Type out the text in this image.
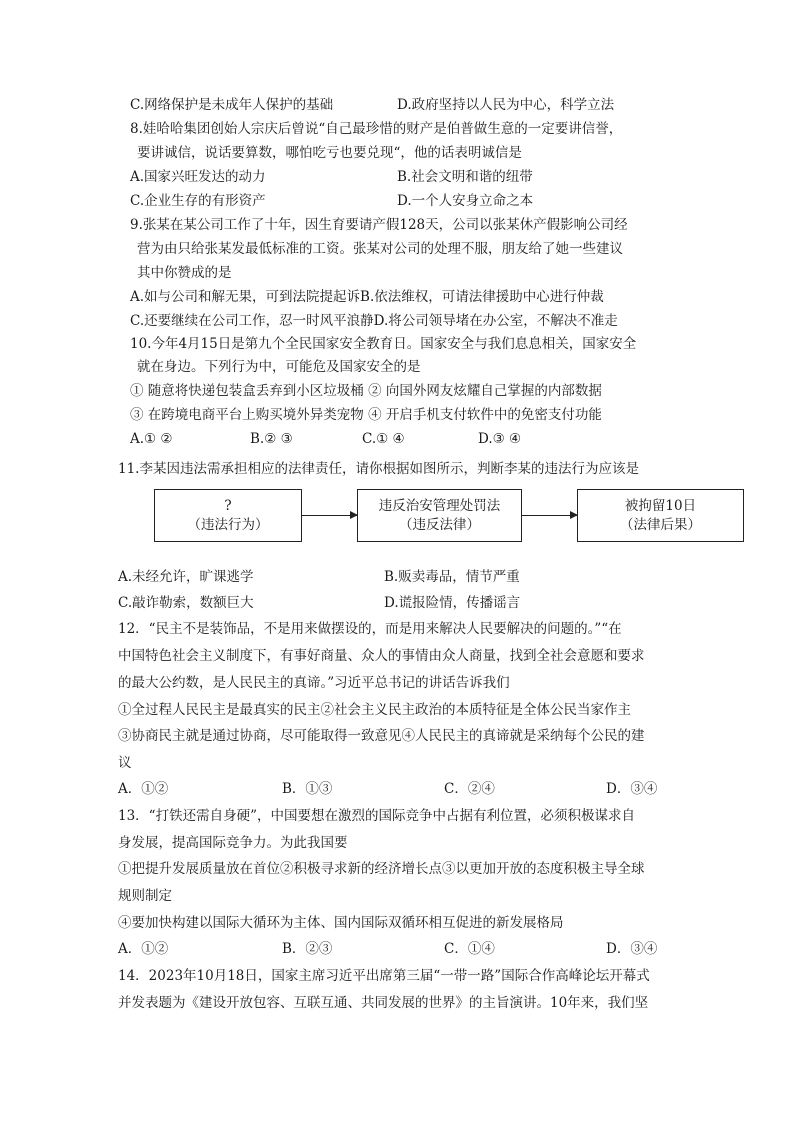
C.网络保护是未成年人保护的基础	D.政府坚持以人民为中心，科学立法
8.娃哈哈集团创始人宗庆后曾说“自己最珍惜的财产是伯普做生意的一定要讲信誉，
要讲诚信，说话要算数，哪怕吃亏也要兑现“，他的话表明诚信是
A.国家兴旺发达的动力	B.社会文明和谐的纽带
C.企业生存的有形资产	D.一个人安身立命之本
9.张某在某公司工作了十年，因生育要请产假128天，公司以张某休产假影响公司经
营为由只给张某发最低标准的工资。张某对公司的处理不服，朋友给了她一些建议
其中你赞成的是
A.如与公司和解无果，可到法院提起诉B.依法维权，可请法律援助中心进行仲裁
C.还要继续在公司工作，忍一时风平浪静D.将公司领导堵在办公室，不解决不准走
10.今年4月15日是第九个全民国家安全教育日。国家安全与我们息息相关，国家安全
就在身边。下列行为中，可能危及国家安全的是
① 随意将快递包装盒丢弃到小区垃圾桶 ② 向国外网友炫耀自己掌握的内部数据
③ 在跨境电商平台上购买境外异类宠物 ④ 开启手机支付软件中的免密支付功能
A.① ②	B.② ③	C.① ④	D.③ ④
11.李某因违法需承担相应的法律责任，请你根据如图所示，判断李某的违法行为应该是
?
（违法行为）
违反治安管理处罚法
（违反法律）
被拘留10日
（法律后果）
A.未经允许，旷课逃学	B.贩卖毒品，情节严重
C.敲诈勒索，数额巨大	D.谎报险情，传播谣言
12．“民主不是装饰品，不是用来做摆设的，而是用来解决人民要解决的问题的。”“在
中国特色社会主义制度下，有事好商量、众人的事情由众人商量，找到全社会意愿和要求
的最大公约数，是人民民主的真谛。”习近平总书记的讲话告诉我们
①全过程人民民主是最真实的民主②社会主义民主政治的本质特征是全体公民当家作主
③协商民主就是通过协商，尽可能取得一致意见④人民民主的真谛就是采纳每个公民的建
议
A．①②	B．①③	C．②④	D．③④
13．“打铁还需自身硬”，中国要想在激烈的国际竞争中占据有利位置，必须积极谋求自
身发展，提高国际竞争力。为此我国要
①把提升发展质量放在首位②积极寻求新的经济增长点③以更加开放的态度积极主导全球
规则制定
④要加快构建以国际大循环为主体、国内国际双循环相互促进的新发展格局
A．①②	B．②③	C．①④	D．③④
14．2023年10月18日，国家主席习近平出席第三届“一带一路”国际合作高峰论坛开幕式
并发表题为《建设开放包容、互联互通、共同发展的世界》的主旨演讲。10年来，我们坚
